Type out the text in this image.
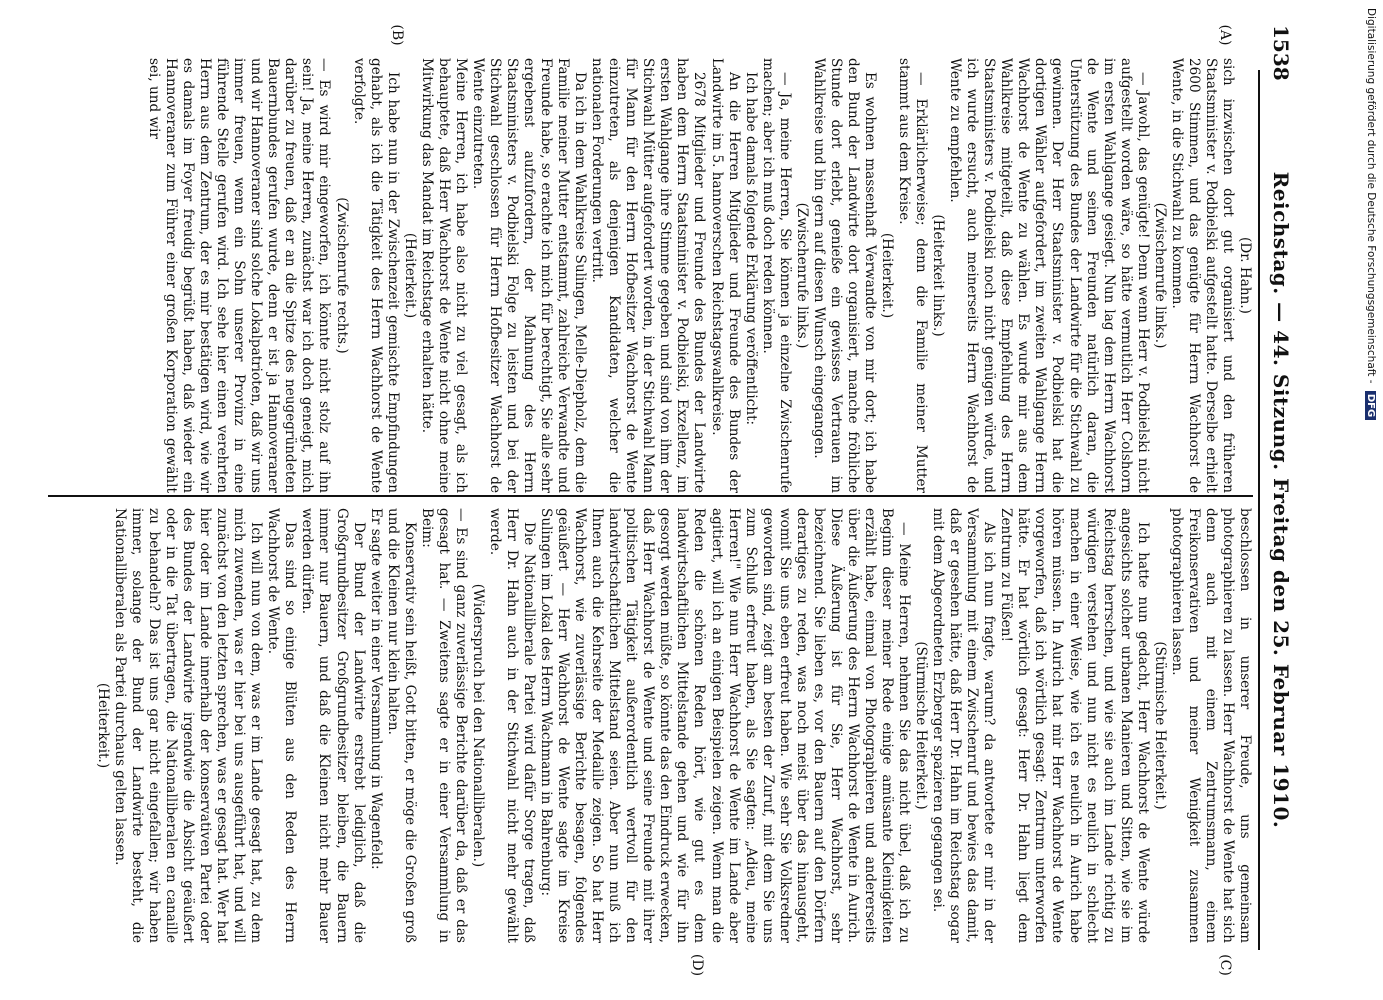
1538
Reichstag. — 44. Sitzung. Freitag den 25. Februar 1910.
(A)
(B)
(C)
(D)

(Dr. Hahn.)

sich inzwischen dort gut organisiert und den früheren Staatsminister v. Podbielski aufgestellt hatte. Derselbe erhielt 2600 Stimmen, und das genügte für Herrn Wachhorst de Wente, in die Stichwahl zu kommen.

(Zwischenrufe links.)

— Jawohl, das genügte! Denn wenn Herr v. Podbielski nicht aufgestellt worden wäre, so hätte vermutlich Herr Colshorn im ersten Wahlgange gesiegt. Nun lag dem Herrn Wachhorst de Wente und seinen Freunden natürlich daran, die Unterstützung des Bundes der Landwirte für die Stichwahl zu gewinnen. Der Herr Staatsminister v. Podbielski hat die dortigen Wähler aufgefordert, im zweiten Wahlgange Herrn Wachhorst de Wente zu wählen. Es wurde mir aus dem Wahlkreise mitgeteilt, daß diese Empfehlung des Herrn Staatsministers v. Podbielski noch nicht genügen würde, und ich wurde ersucht, auch meinerseits Herrn Wachhorst de Wente zu empfehlen.

(Heiterkeit links.)

— Erklärlicherweise; denn die Familie meiner Mutter stammt aus dem Kreise.

(Heiterkeit.)

Es wohnen massenhaft Verwandte von mir dort; ich habe den Bund der Landwirte dort organisiert, manche fröhliche Stunde dort erlebt, genieße ein gewisses Vertrauen im Wahlkreise und bin gern auf diesen Wunsch eingegangen.

(Zwischenrufe links.)

— Ja, meine Herren, Sie können ja einzelne Zwischenrufe machen; aber ich muß doch reden können.

Ich habe damals folgende Erklärung veröffentlicht:

An die Herren Mitglieder und Freunde des Bundes der Landwirte im 5. hannoverschen Reichstagswahlkreise.

2678 Mitglieder und Freunde des Bundes der Landwirte haben dem Herrn Staatsminister v. Podbielski, Exzellenz, im ersten Wahlgange ihre Stimme gegeben und sind von ihm der Stichwahl Mütter aufgefordert worden, in der Stichwahl Mann für Mann für den Herrn Hofbesitzer Wachhorst de Wente einzutreten, als denjenigen Kandidaten, welcher die nationalen Forderungen vertritt.

Da ich in dem Wahlkreise Sulingen, Melle-Diepholz, dem die Familie meiner Mutter entstammt, zahlreiche Verwandte und Freunde habe, so erachte ich mich für berechtigt, Sie alle sehr ergebenst aufzufordern, der Mahnung des Herrn Staatsministers v. Podbielski Folge zu leisten und bei der Stichwahl geschlossen für Herrn Hofbesitzer Wachhorst de Wente einzutreten.

Meine Herren, ich habe also nicht zu viel gesagt, als ich behauptete, daß Herr Wachhorst de Wente nicht ohne meine Mitwirkung das Mandat im Reichstage erhalten hätte.

(Heiterkeit.)

Ich habe nun in der Zwischenzeit gemischte Empfindungen gehabt, als ich die Tätigkeit des Herrn Wachhorst de Wente verfolgte.

(Zwischenrufe rechts.)

— Es wird mir eingeworfen, ich könnte nicht stolz auf ihn sein! Ja, meine Herren, zunächst war ich doch geneigt, mich darüber zu freuen, daß er an die Spitze des neugegründeten Bauernbundes gerufen wurde, denn er ist ja Hannoveraner und wir Hannoveraner sind solche Lokalpatrioten, daß wir uns immer freuen, wenn ein Sohn unserer Provinz in eine führende Stelle gerufen wird. Ich sehe hier einen verehrten Herrn aus dem Zentrum, der es mir bestätigen wird, wie wir es damals im Foyer freudig begrüßt haben, daß wieder ein Hannoveraner zum Führer einer großen Korporation gewählt sei, und wir

beschlossen in unserer Freude, uns gemeinsam photographieren zu lassen. Herr Wachhorst de Wente hat sich denn auch mit einem Zentrumsmann, einem Freikonservativen und meiner Wenigkeit zusammen photographieren lassen.

(Stürmische Heiterkeit.)

Ich hatte nun gedacht, Herr Wachhorst de Wente würde angesichts solcher urbanen Manieren und Sitten, wie sie im Reichstag herrschen, und wie sie auch im Lande richtig zu würdigen verstehen und nun nicht es neulich in schlecht machen in einer Weise, wie ich es neulich in Aurich habe hören müssen. In Aurich hat mir Herr Wachhorst de Wente vorgeworfen, daß ich wörtlich gesagt: Zentrum unterworfen hätte. Er hat wörtlich gesagt: Herr Dr. Hahn liegt dem Zentrum zu Füßen!

Als ich nun fragte, warum? da antwortete er mir in der Versammlung mit einem Zwischenruf und bewies das damit, daß er gesehen hätte, daß Herr Dr. Hahn im Reichstag sogar mit dem Abgeordneten Erzberger spazieren gegangen sei.

(Stürmische Heiterkeit.)

— Meine Herren, nehmen Sie das nicht übel, daß ich zu Beginn dieser meiner Rede einige amüsante Kleinigkeiten erzählt habe, einmal von Photographieren und andererseits über die Äußerung des Herrn Wachhorst de Wente in Aurich. Diese Äußerung ist für Sie, Herr Wachhorst, sehr bezeichnend. Sie lieben es, vor den Bauern auf den Dörfern derartiges zu reden, was noch meist über das hinausgeht, womit Sie uns eben erfreut haben. Wie sehr Sie Volksredner geworden sind, zeigt am besten der Zuruf, mit dem Sie uns zum Schluß erfreut haben, als Sie sagten: „Adieu, meine Herren!" Wie nun Herr Wachhorst de Wente im Lande aber agitiert, will ich an einigen Beispielen zeigen. Wenn man die Reden die schönen Reden hört, wie gut es dem landwirtschaftlichen Mittelstande gehen und wie für ihn gesorgt werden müßte, so könnte das den Eindruck erwecken, daß Herr Wachhorst de Wente und seine Freunde mit ihrer politischen Tätigkeit außerordentlich wertvoll für den landwirtschaftlichen Mittelstand seien. Aber nun muß ich Ihnen auch die Kehrseite der Medaille zeigen. So hat Herr Wachhorst, wie zuverlässige Berichte besagen, folgendes geäußert — Herr Wachhorst de Wente sagte im Kreise Sulingen im Lokal des Herrn Wachmann in Bahrenburg:

Die Nationalliberale Partei wird dafür Sorge tragen, daß Herr Dr. Hahn auch in der Stichwahl nicht mehr gewählt werde.

(Widerspruch bei den Nationalliberalen.)

— Es sind ganz zuverlässige Berichte darüber da, daß er das gesagt hat. — Zweitens sagte er in einer Versammlung in Beim:

Konservativ sein heißt, Gott bitten, er möge die Großen groß und die Kleinen nur klein halten.

Er sagte weiter in einer Versammlung in Wagenfeld:

Der Bund der Landwirte erstrebt lediglich, daß die Großgrundbesitzer Großgrundbesitzer bleiben, die Bauern immer nur Bauern, und daß die Kleinen nicht mehr Bauer werden dürfen.

Das sind so einige Blüten aus den Reden des Herrn Wachhorst de Wente.

Ich will nun von dem, was er im Lande gesagt hat, zu dem mich zuwenden, was er hier bei uns ausgeführt hat, und will zunächst von den letzten sprechen, was er gesagt hat. Wer hat hier oder im Lande innerhalb der konservativen Partei oder des Bundes der Landwirte irgendwie die Absicht geäußert oder in die Tat übertragen, die Nationalliberalen en canaille zu behandeln? Das ist uns gar nicht eingefallen; wir haben immer, solange der Bund der Landwirte besteht, die Nationalliberalen als Partei durchaus gelten lassen.

(Heiterkeit.)

Digitalisierung gefördert durch die Deutsche Forschungsgemeinschaft - DFG
